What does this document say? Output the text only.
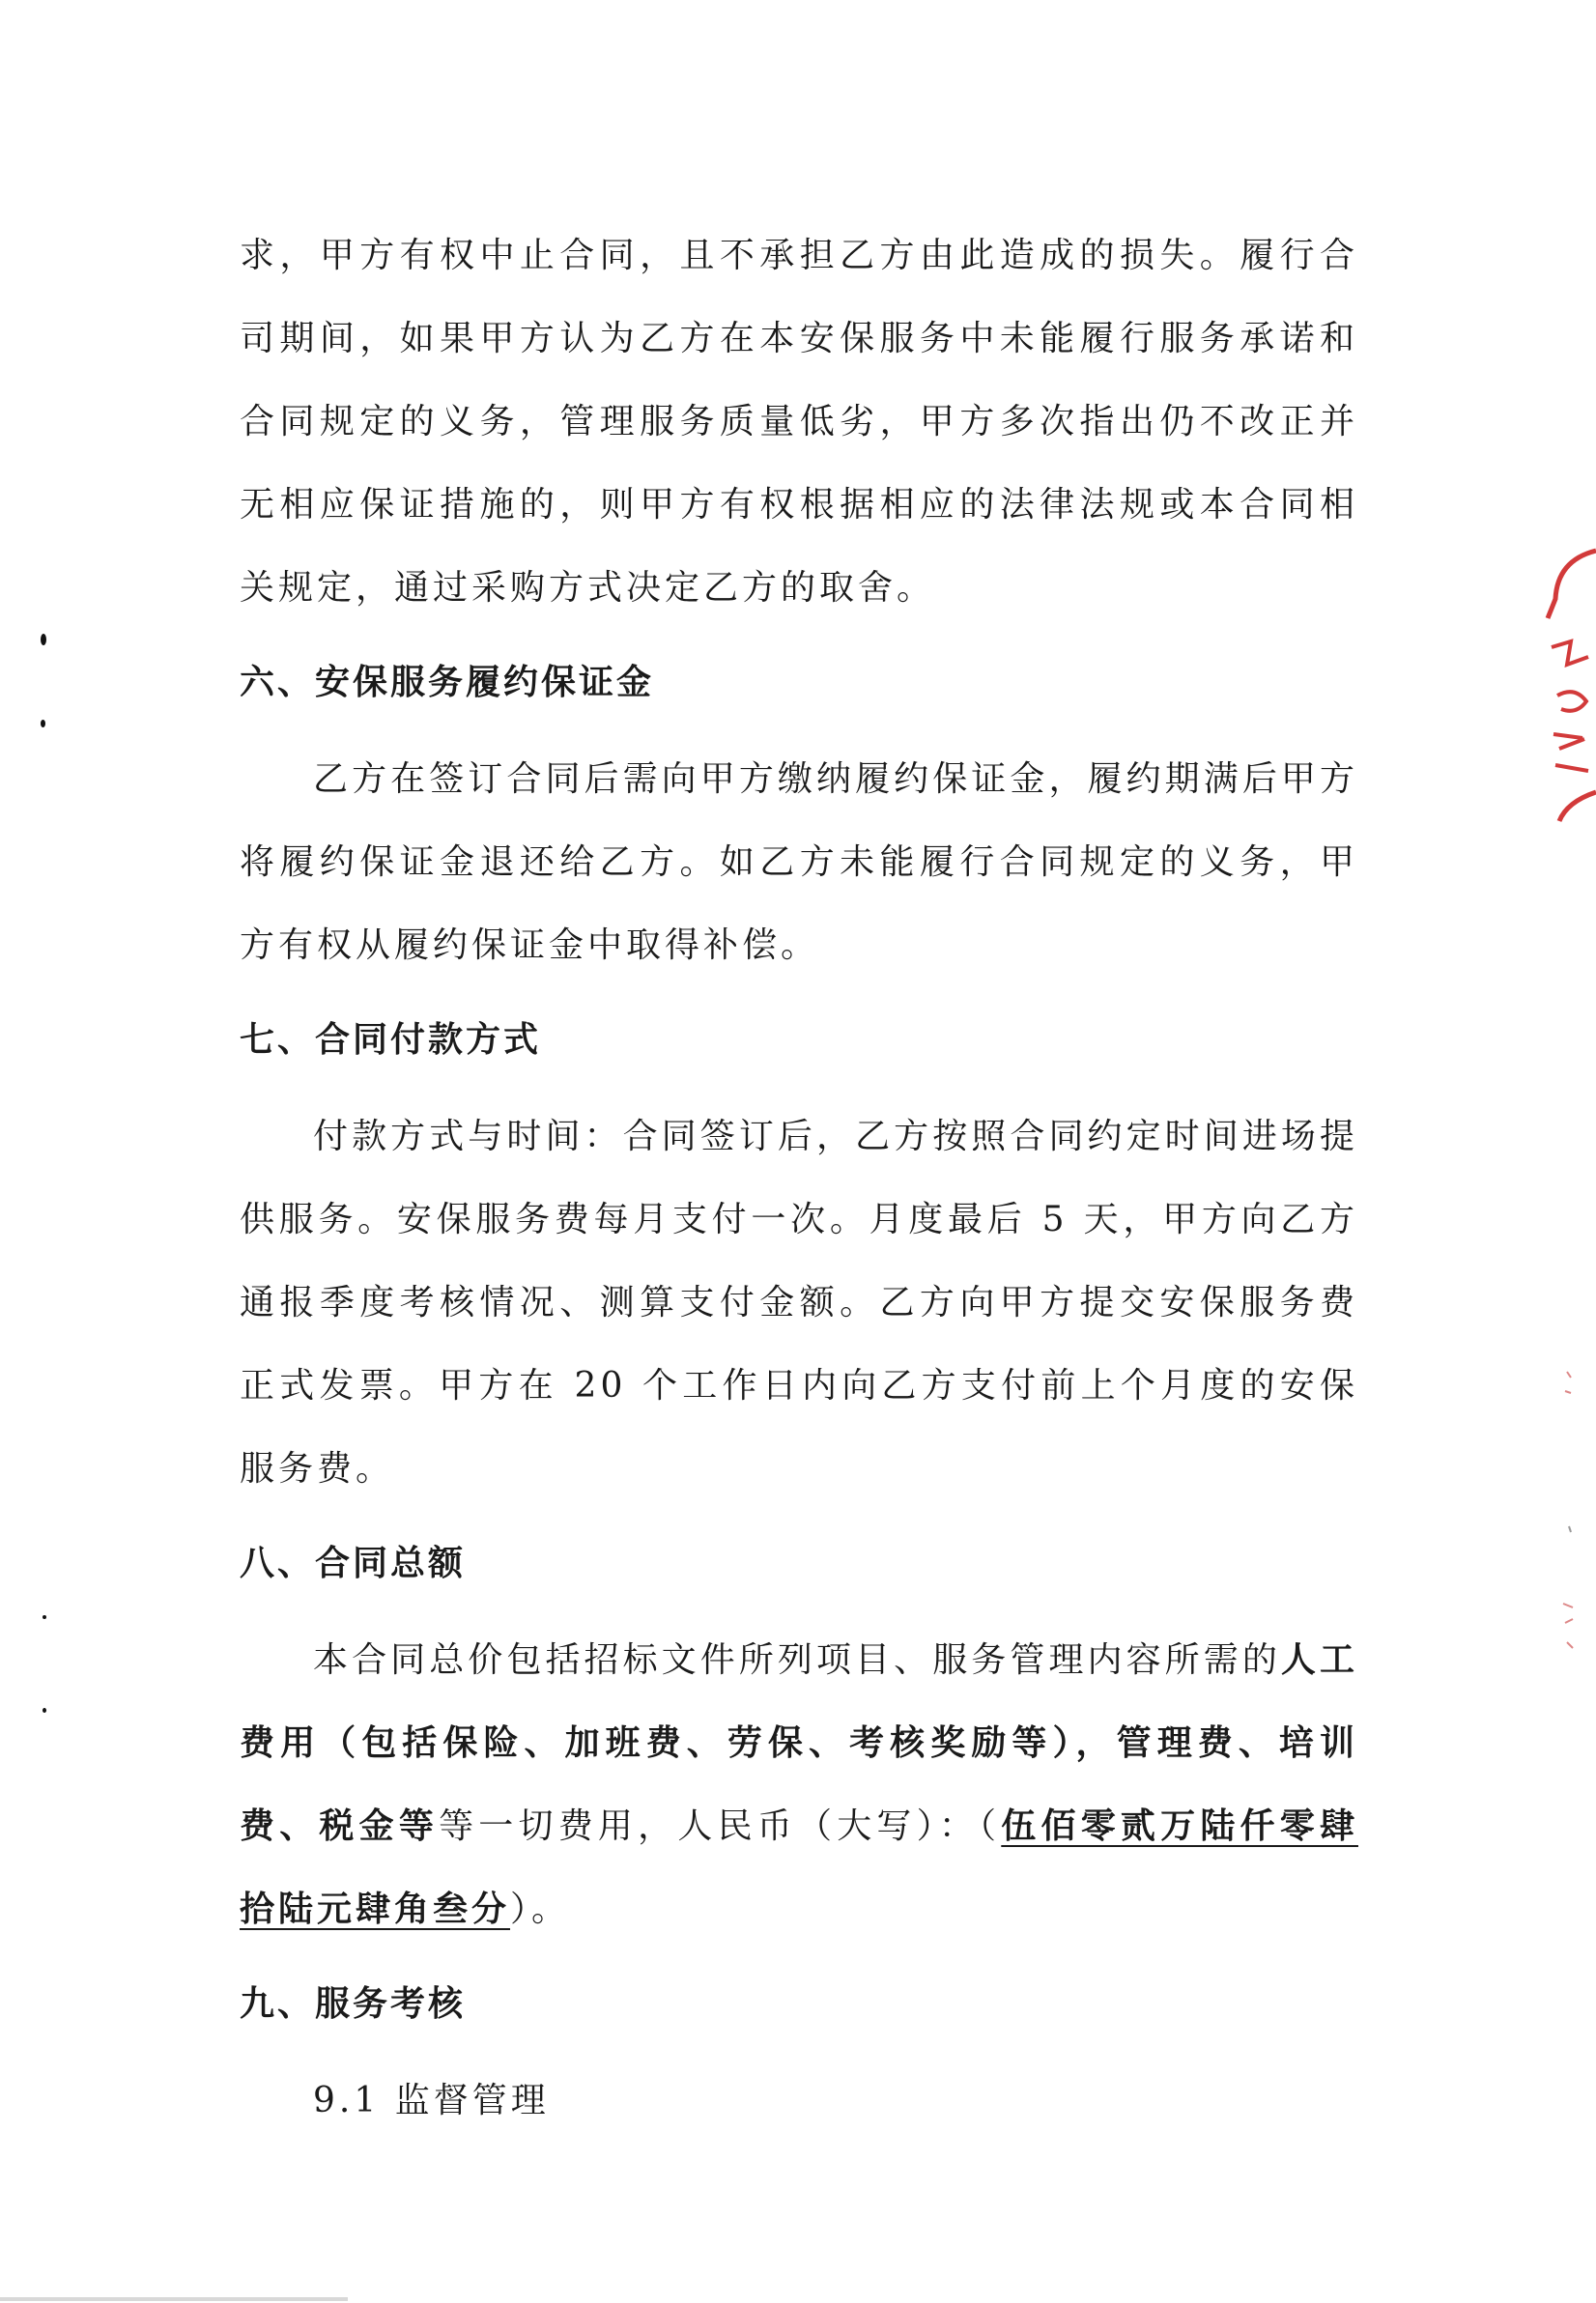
求，甲方有权中止合同，且不承担乙方由此造成的损失。履行合司期间，如果甲方认为乙方在本安保服务中未能履行服务承诺和合同规定的义务，管理服务质量低劣，甲方多次指出仍不改正并无相应保证措施的，则甲方有权根据相应的法律法规或本合同相关规定，通过采购方式决定乙方的取舍。

六、安保服务履约保证金

乙方在签订合同后需向甲方缴纳履约保证金，履约期满后甲方将履约保证金退还给乙方。如乙方未能履行合同规定的义务，甲方有权从履约保证金中取得补偿。

七、合同付款方式

付款方式与时间：合同签订后，乙方按照合同约定时间进场提供服务。安保服务费每月支付一次。月度最后 5 天，甲方向乙方通报季度考核情况、测算支付金额。乙方向甲方提交安保服务费正式发票。甲方在 20 个工作日内向乙方支付前上个月度的安保服务费。

八、合同总额

本合同总价包括招标文件所列项目、服务管理内容所需的人工费用（包括保险、加班费、劳保、考核奖励等），管理费、培训费、税金等等一切费用，人民币（大写）：（伍佰零贰万陆仟零肆拾陆元肆角叁分）。

九、服务考核

9.1 监督管理
